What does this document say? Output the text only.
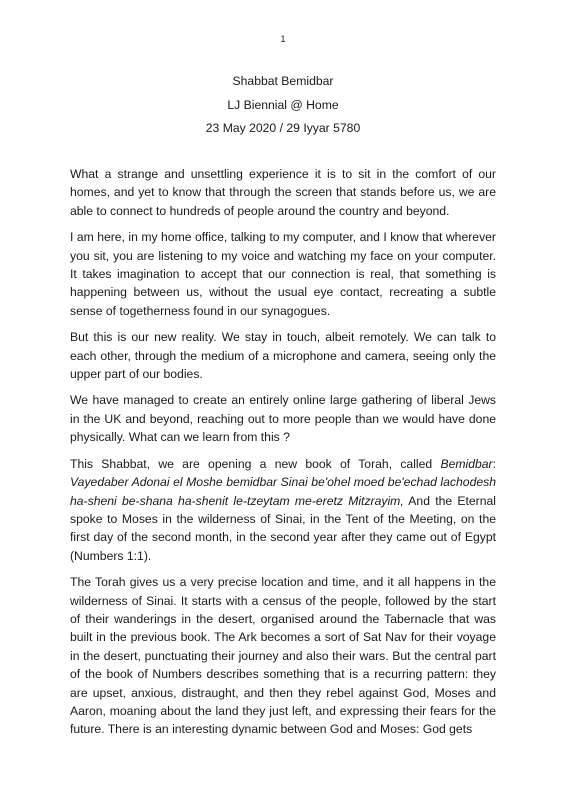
1
Shabbat Bemidbar
LJ Biennial @ Home
23 May 2020 / 29 Iyyar 5780

What a strange and unsettling experience it is to sit in the comfort of our homes, and yet to know that through the screen that stands before us, we are able to connect to hundreds of people around the country and beyond.

I am here, in my home office, talking to my computer, and I know that wherever you sit, you are listening to my voice and watching my face on your computer. It takes imagination to accept that our connection is real, that something is happening between us, without the usual eye contact, recreating a subtle sense of togetherness found in our synagogues.

But this is our new reality. We stay in touch, albeit remotely. We can talk to each other, through the medium of a microphone and camera, seeing only the upper part of our bodies.

We have managed to create an entirely online large gathering of liberal Jews in the UK and beyond, reaching out to more people than we would have done physically. What can we learn from this ?

This Shabbat, we are opening a new book of Torah, called Bemidbar: Vayedaber Adonai el Moshe bemidbar Sinai be'ohel moed be'echad lachodesh ha-sheni be-shana ha-shenit le-tzeytam me-eretz Mitzrayim, And the Eternal spoke to Moses in the wilderness of Sinai, in the Tent of the Meeting, on the first day of the second month, in the second year after they came out of Egypt (Numbers 1:1).

The Torah gives us a very precise location and time, and it all happens in the wilderness of Sinai. It starts with a census of the people, followed by the start of their wanderings in the desert, organised around the Tabernacle that was built in the previous book. The Ark becomes a sort of Sat Nav for their voyage in the desert, punctuating their journey and also their wars. But the central part of the book of Numbers describes something that is a recurring pattern: they are upset, anxious, distraught, and then they rebel against God, Moses and Aaron, moaning about the land they just left, and expressing their fears for the future. There is an interesting dynamic between God and Moses: God gets
